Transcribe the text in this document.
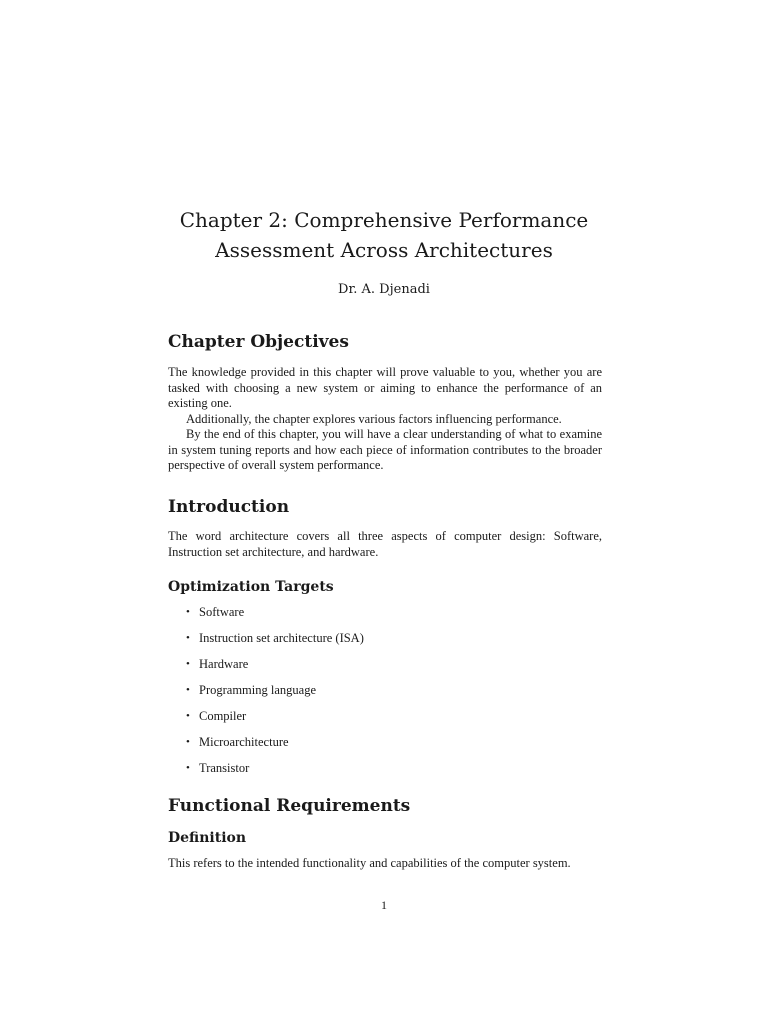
Chapter 2: Comprehensive Performance
Assessment Across Architectures
Dr. A. Djenadi
Chapter Objectives
The knowledge provided in this chapter will prove valuable to you, whether you are tasked with choosing a new system or aiming to enhance the performance of an existing one.
Additionally, the chapter explores various factors influencing performance.
By the end of this chapter, you will have a clear understanding of what to examine in system tuning reports and how each piece of information contributes to the broader perspective of overall system performance.
Introduction
The word architecture covers all three aspects of computer design: Software, Instruction set architecture, and hardware.
Optimization Targets
• Software
• Instruction set architecture (ISA)
• Hardware
• Programming language
• Compiler
• Microarchitecture
• Transistor
Functional Requirements
Definition
This refers to the intended functionality and capabilities of the computer system.
1
